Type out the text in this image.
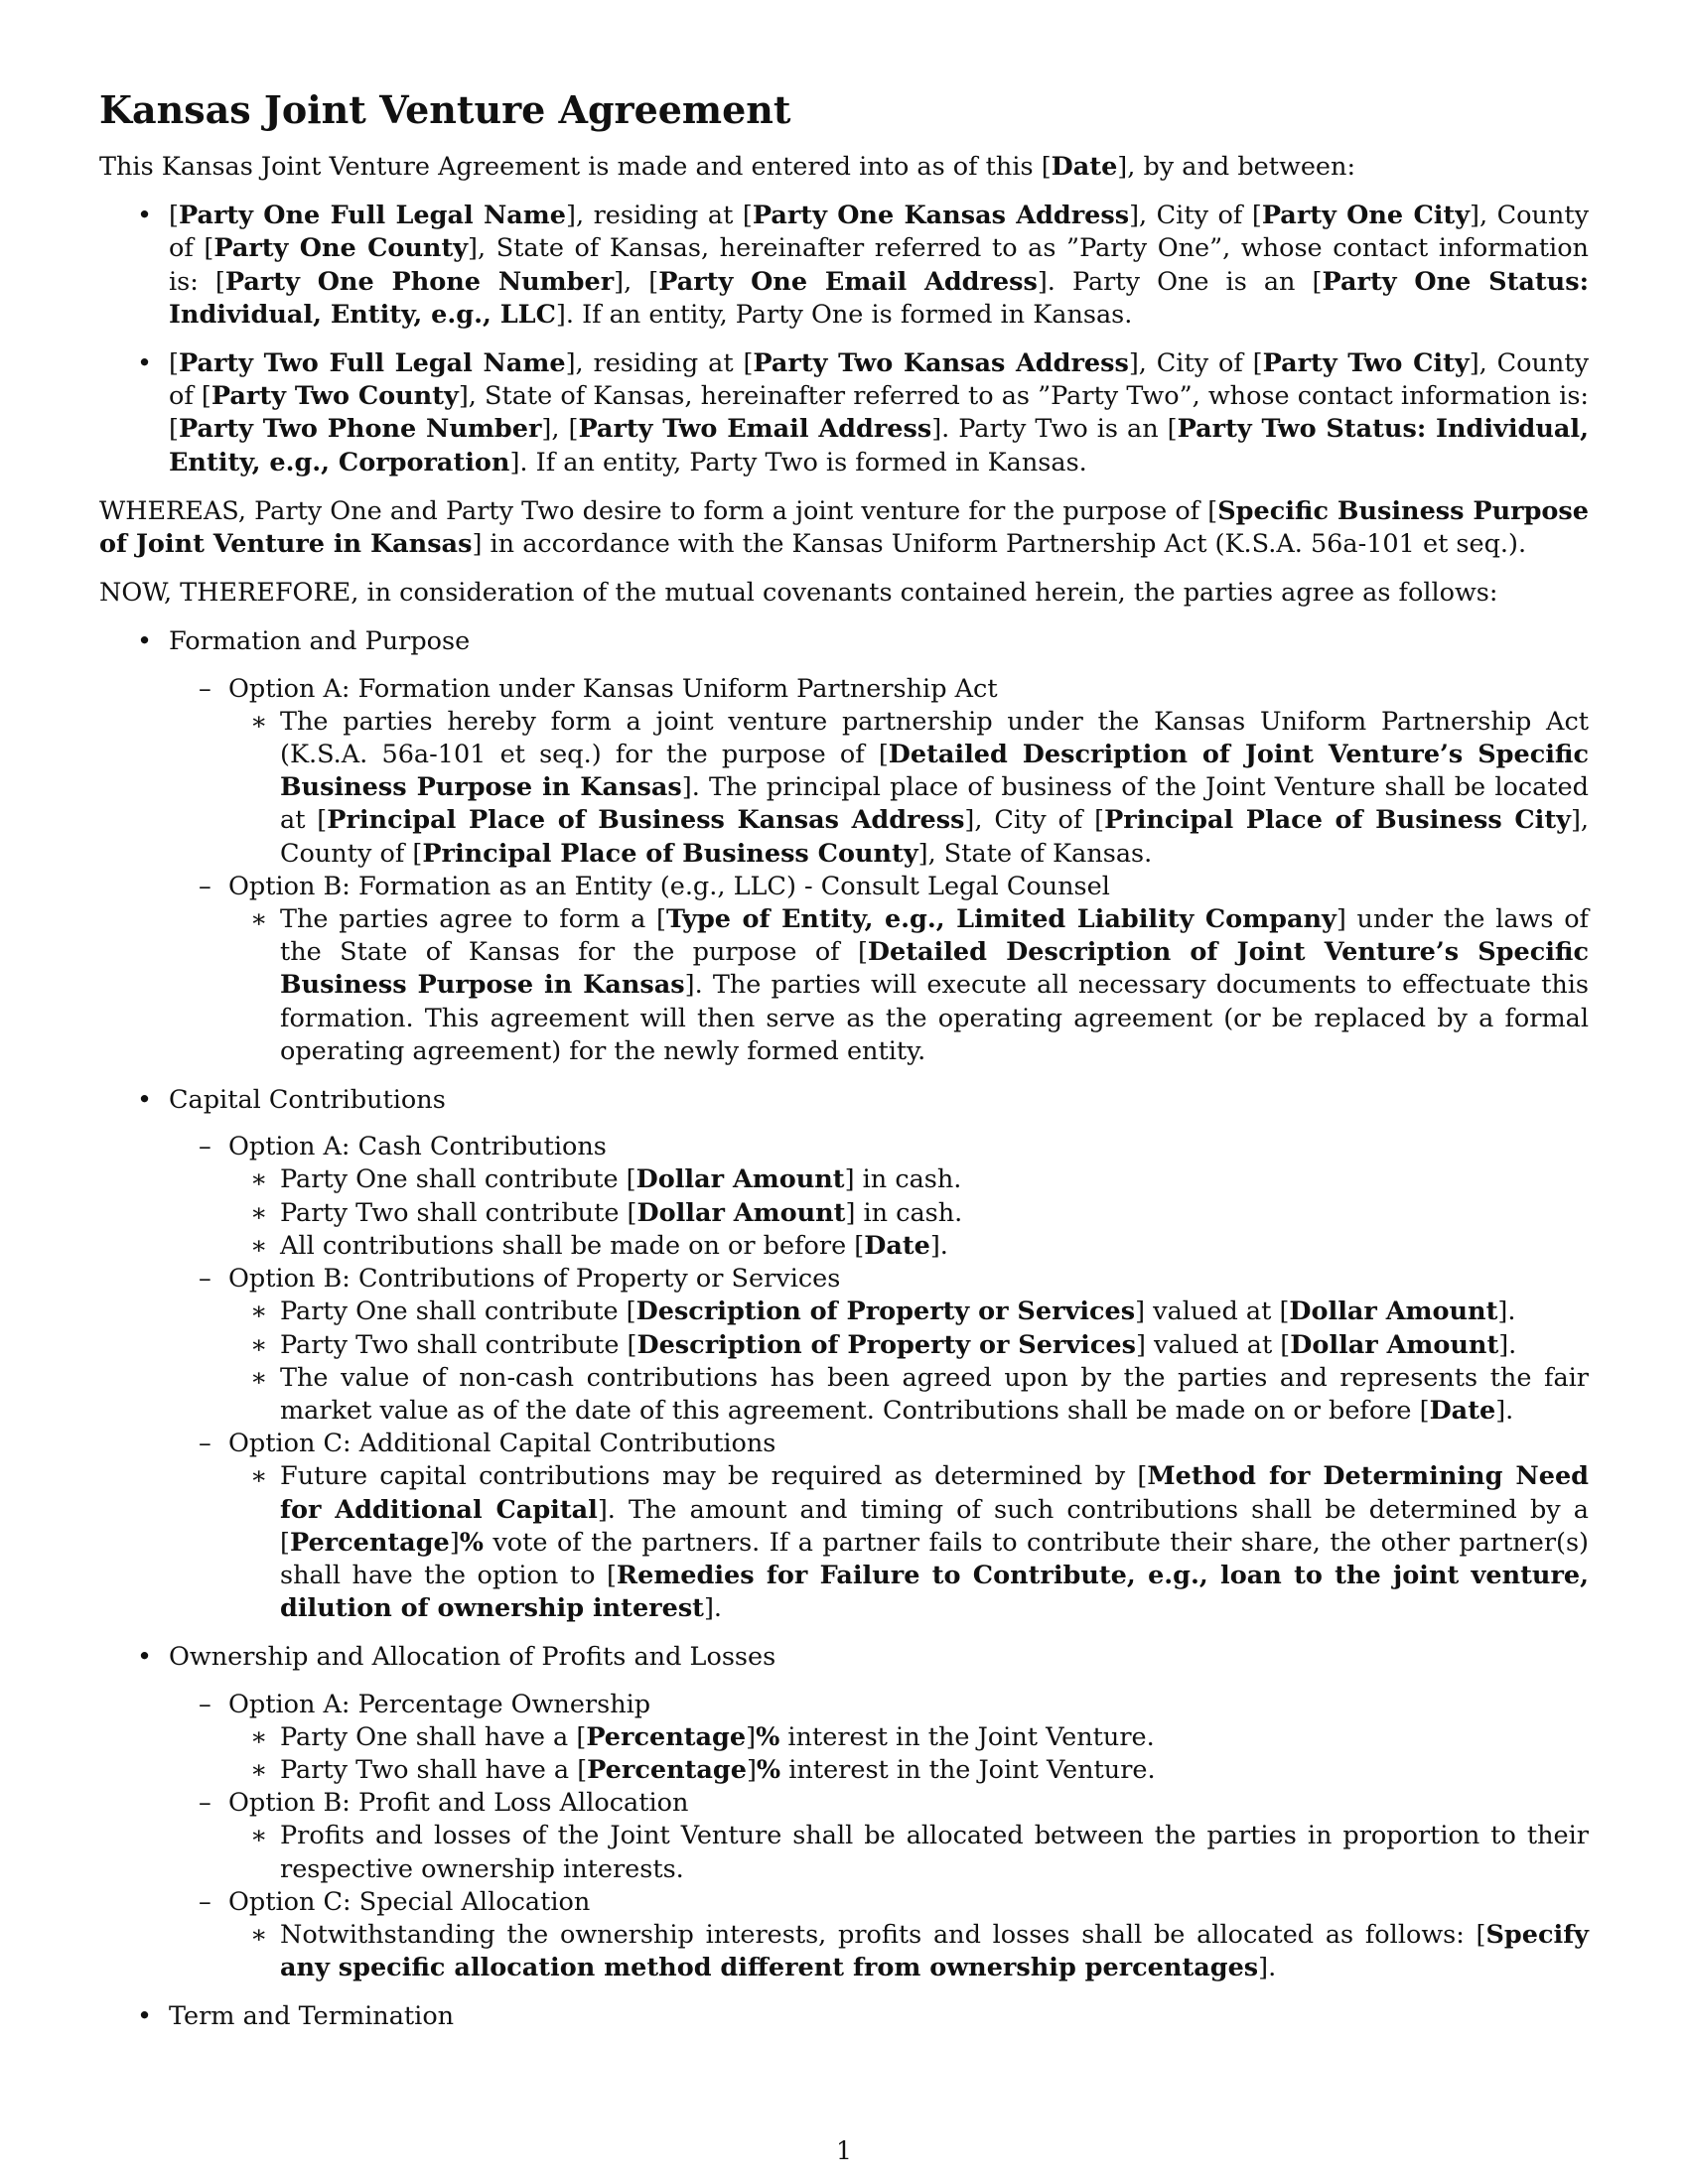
Kansas Joint Venture Agreement

This Kansas Joint Venture Agreement is made and entered into as of this [Date], by and between:

• [Party One Full Legal Name], residing at [Party One Kansas Address], City of [Party One City], County of [Party One County], State of Kansas, hereinafter referred to as ”Party One”, whose contact information is: [Party One Phone Number], [Party One Email Address]. Party One is an [Party One Status: Individual, Entity, e.g., LLC]. If an entity, Party One is formed in Kansas.
• [Party Two Full Legal Name], residing at [Party Two Kansas Address], City of [Party Two City], County of [Party Two County], State of Kansas, hereinafter referred to as ”Party Two”, whose contact information is: [Party Two Phone Number], [Party Two Email Address]. Party Two is an [Party Two Status: Individual, Entity, e.g., Corporation]. If an entity, Party Two is formed in Kansas.

WHEREAS, Party One and Party Two desire to form a joint venture for the purpose of [Specific Business Purpose of Joint Venture in Kansas] in accordance with the Kansas Uniform Partnership Act (K.S.A. 56a-101 et seq.).

NOW, THEREFORE, in consideration of the mutual covenants contained herein, the parties agree as follows:

• Formation and Purpose
– Option A: Formation under Kansas Uniform Partnership Act
∗ The parties hereby form a joint venture partnership under the Kansas Uniform Partnership Act (K.S.A. 56a-101 et seq.) for the purpose of [Detailed Description of Joint Venture’s Specific Business Purpose in Kansas]. The principal place of business of the Joint Venture shall be located at [Principal Place of Business Kansas Address], City of [Principal Place of Business City], County of [Principal Place of Business County], State of Kansas.
– Option B: Formation as an Entity (e.g., LLC) - Consult Legal Counsel
∗ The parties agree to form a [Type of Entity, e.g., Limited Liability Company] under the laws of the State of Kansas for the purpose of [Detailed Description of Joint Venture’s Specific Business Purpose in Kansas]. The parties will execute all necessary documents to effectuate this formation. This agreement will then serve as the operating agreement (or be replaced by a formal operating agreement) for the newly formed entity.
• Capital Contributions
– Option A: Cash Contributions
∗ Party One shall contribute [Dollar Amount] in cash.
∗ Party Two shall contribute [Dollar Amount] in cash.
∗ All contributions shall be made on or before [Date].
– Option B: Contributions of Property or Services
∗ Party One shall contribute [Description of Property or Services] valued at [Dollar Amount].
∗ Party Two shall contribute [Description of Property or Services] valued at [Dollar Amount].
∗ The value of non-cash contributions has been agreed upon by the parties and represents the fair market value as of the date of this agreement. Contributions shall be made on or before [Date].
– Option C: Additional Capital Contributions
∗ Future capital contributions may be required as determined by [Method for Determining Need for Additional Capital]. The amount and timing of such contributions shall be determined by a [Percentage]% vote of the partners. If a partner fails to contribute their share, the other partner(s) shall have the option to [Remedies for Failure to Contribute, e.g., loan to the joint venture, dilution of ownership interest].
• Ownership and Allocation of Profits and Losses
– Option A: Percentage Ownership
∗ Party One shall have a [Percentage]% interest in the Joint Venture.
∗ Party Two shall have a [Percentage]% interest in the Joint Venture.
– Option B: Profit and Loss Allocation
∗ Profits and losses of the Joint Venture shall be allocated between the parties in proportion to their respective ownership interests.
– Option C: Special Allocation
∗ Notwithstanding the ownership interests, profits and losses shall be allocated as follows: [Specify any specific allocation method different from ownership percentages].
• Term and Termination
1
